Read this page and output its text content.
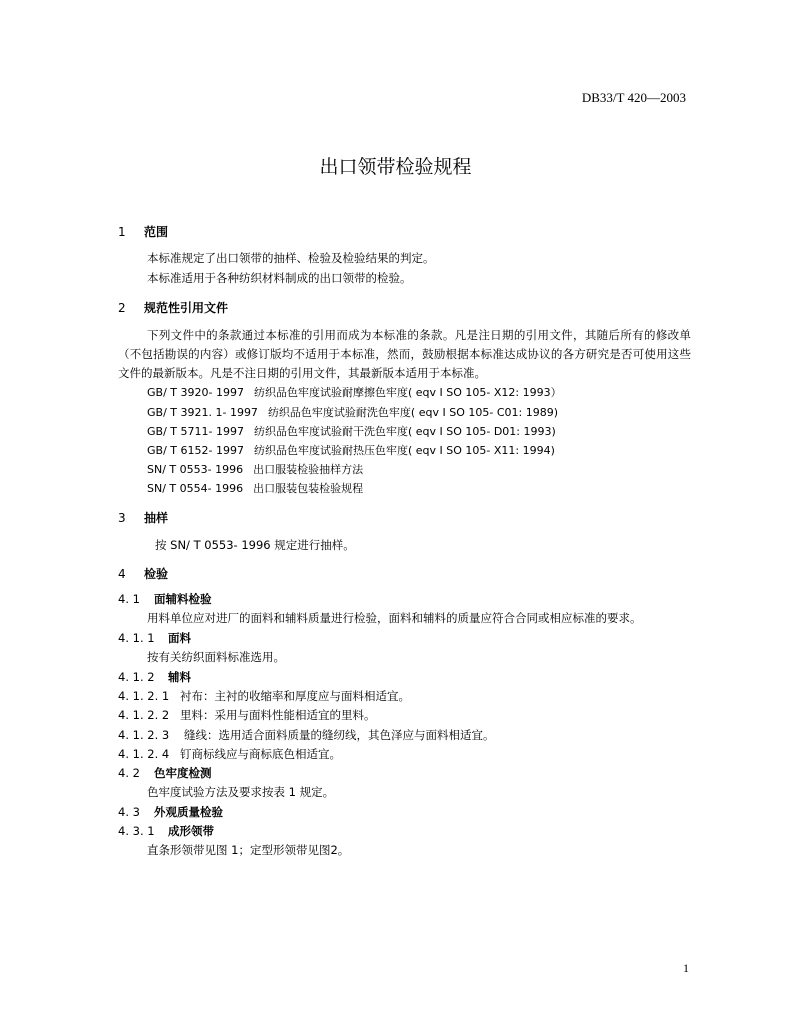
DB33/T 420—2003
出口领带检验规程
1 范围
本标准规定了出口领带的抽样、检验及检验结果的判定。
本标准适用于各种纺织材料制成的出口领带的检验。
2 规范性引用文件
下列文件中的条款通过本标准的引用而成为本标准的条款。凡是注日期的引用文件，其随后所有的修改单（不包括勘误的内容）或修订版均不适用于本标准，然而，鼓励根据本标准达成协议的各方研究是否可使用这些文件的最新版本。凡是不注日期的引用文件，其最新版本适用于本标准。
GB/ T 3920- 1997 纺织品色牢度试验耐摩擦色牢度( eqv I SO 105- X12: 1993）
GB/ T 3921. 1- 1997 纺织品色牢度试验耐洗色牢度( eqv I SO 105- C01: 1989)
GB/ T 5711- 1997 纺织品色牢度试验耐干洗色牢度( eqv I SO 105- D01: 1993)
GB/ T 6152- 1997 纺织品色牢度试验耐热压色牢度( eqv I SO 105- X11: 1994)
SN/ T 0553- 1996 出口服装检验抽样方法
SN/ T 0554- 1996 出口服装包装检验规程
3 抽样
按 SN/ T 0553- 1996 规定进行抽样。
4 检验
4. 1 面辅料检验
用料单位应对进厂的面料和辅料质量进行检验，面料和辅料的质量应符合合同或相应标准的要求。
4. 1. 1 面料
按有关纺织面料标准选用。
4. 1. 2 辅料
4. 1. 2. 1 衬布：主衬的收缩率和厚度应与面料相适宜。
4. 1. 2. 2 里料：采用与面料性能相适宜的里料。
4. 1. 2. 3 缝线：选用适合面料质量的缝纫线，其色泽应与面料相适宜。
4. 1. 2. 4 钉商标线应与商标底色相适宜。
4. 2 色牢度检测
色牢度试验方法及要求按表 1 规定。
4. 3 外观质量检验
4. 3. 1 成形领带
直条形领带见图 1；定型形领带见图2。
1
